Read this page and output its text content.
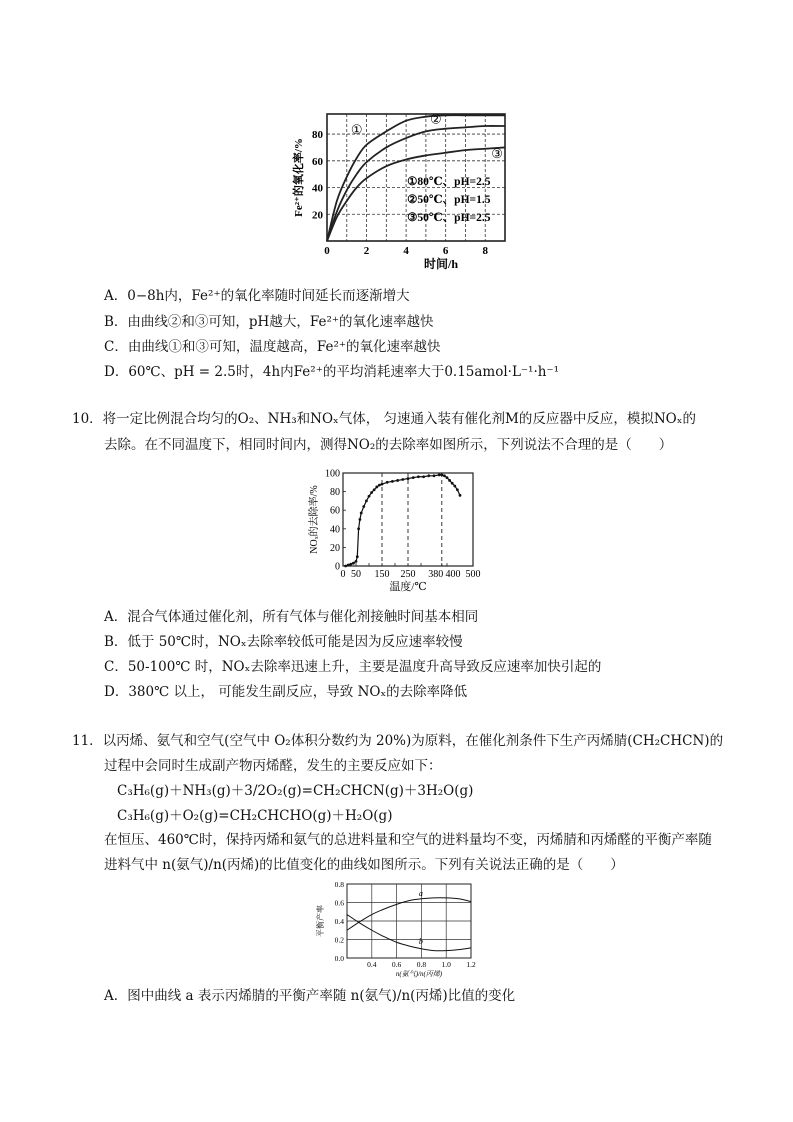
0	2	4	6	8
20
40
60
80
时间/h
Fe²⁺的氧化率/%
①
②
③
①80℃、pH=2.5
②50℃、pH=1.5
③50℃、pH=2.5
A．0−8h内，Fe²⁺的氧化率随时间延长而逐渐增大
B．由曲线②和③可知，pH越大，Fe²⁺的氧化速率越快
C．由曲线①和③可知，温度越高，Fe²⁺的氧化速率越快
D．60℃、pH = 2.5时，4h内Fe²⁺的平均消耗速率大于0.15amol·L⁻¹·h⁻¹
10．将一定比例混合均匀的O₂、NH₃和NOₓ气体， 匀速通入装有催化剂M的反应器中反应，模拟NOₓ的
去除。在不同温度下，相同时间内，测得NO₂的去除率如图所示，下列说法不合理的是（　　）
0 50 150 250 380 500
400
0
20
40
60
80
100
温度/℃
NOₓ的去除率/%
A．混合气体通过催化剂，所有气体与催化剂接触时间基本相同
B．低于 50℃时，NOₓ去除率较低可能是因为反应速率较慢
C．50-100℃ 时，NOₓ去除率迅速上升，主要是温度升高导致反应速率加快引起的
D．380℃ 以上， 可能发生副反应，导致 NOₓ的去除率降低
11．以丙烯、氨气和空气(空气中 O₂体积分数约为 20%)为原料，在催化剂条件下生产丙烯腈(CH₂CHCN)的
过程中会同时生成副产物丙烯醛，发生的主要反应如下：
C₃H₆(g)＋NH₃(g)＋3/2O₂(g)=CH₂CHCN(g)＋3H₂O(g)
C₃H₆(g)＋O₂(g)=CH₂CHCHO(g)＋H₂O(g)
在恒压、460℃时，保持丙烯和氨气的总进料量和空气的进料量均不变，丙烯腈和丙烯醛的平衡产率随
进料气中 n(氨气)/n(丙烯)的比值变化的曲线如图所示。下列有关说法正确的是（　　）
0.4 0.6 0.8 1.0 1.2
0.0
0.2
0.4
0.6
0.8
n(氨气)/n(丙烯)
平衡产率
a
b
A．图中曲线 a 表示丙烯腈的平衡产率随 n(氨气)/n(丙烯)比值的变化
